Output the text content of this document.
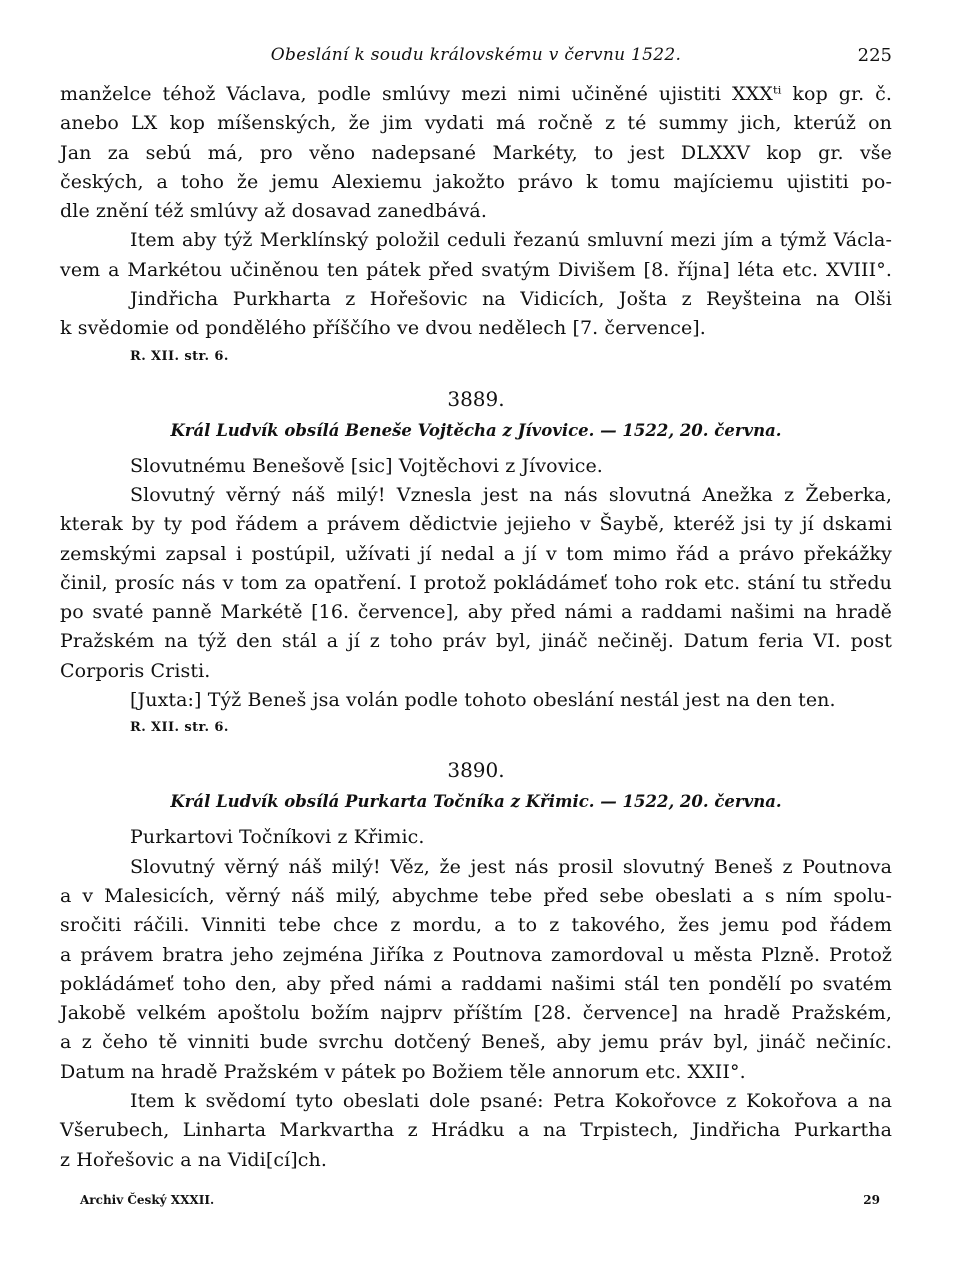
Obeslání k soudu královskému v červnu 1522.	225
manželce téhož Václava, podle smlúvy mezi nimi učiněné ujistiti XXXᵗⁱ kop gr. č.
anebo LX kop míšenských, že jim vydati má ročně z té summy jich, kterúž on
Jan za sebú má, pro věno nadepsané Markéty, to jest DLXXV kop gr. vše
českých, a toho že jemu Alexiemu jakožto právo k tomu majíciemu ujistiti po-
dle znění též smlúvy až dosavad zanedbává.
Item aby týž Merklínský položil ceduli řezanú smluvní mezi jím a týmž Václa-
vem a Markétou učiněnou ten pátek před svatým Divišem [8. října] léta etc. XVIII°.
Jindřicha Purkharta z Hořešovic na Vidicích, Jošta z Reyšteina na Olši
k svědomie od ponděléhо příščího ve dvou nedělech [7. července].
R. XII. str. 6.
3889.
Král Ludvík obsílá Beneše Vojtěcha z Jívovice. — 1522, 20. června.
Slovutnému Benešově [sic] Vojtěchovi z Jívovice.
Slovutný věrný náš milý! Vznesla jest na nás slovutná Anežka z Žeberka,
kterak by ty pod řádem a právem dědictvie jejieho v Šaybě, kteréž jsi ty jí dskami
zemskými zapsal i postúpil, užívati jí nedal a jí v tom mimo řád a právo překážky
činil, prosíc nás v tom za opatření. I protož pokládámeť toho rok etc. stání tu středu
po svaté panně Markétě [16. července], aby před námi a raddami našimi na hradě
Pražském na týž den stál a jí z toho práv byl, jináč nečiněj. Datum feria VI. post
Corporis Cristi.
[Juxta:] Týž Beneš jsa volán podle tohoto obeslání nestál jest na den ten.
R. XII. str. 6.
3890.
Král Ludvík obsílá Purkarta Točníka z Křimic. — 1522, 20. června.
Purkartovi Točníkovi z Křimic.
Slovutný věrný náš milý! Věz, že jest nás prosil slovutný Beneš z Poutnova
a v Malesicích, věrný náš milý, abychme tebe před sebe obeslati a s ním spolu-
sročiti ráčili. Vinniti tebe chce z mordu, a to z takového, žes jemu pod řádem
a právem bratra jeho zejména Jiříka z Poutnova zamordoval u města Plzně. Protož
pokládámeť toho den, aby před námi a raddami našimi stál ten pondělí po svatém
Jakobě velkém apoštolu božím najprv příštím [28. července] na hradě Pražském,
a z čeho tě vinniti bude svrchu dotčený Beneš, aby jemu práv byl, jináč nečiníc.
Datum na hradě Pražském v pátek po Božiem těle annorum etc. XXII°.
Item k svědomí tyto obeslati dole psané: Petra Kokořovce z Kokořova a na
Všerubech, Linharta Markvartha z Hrádku a na Trpistech, Jindřicha Purkartha
z Hořešovic a na Vidi[cí]ch.
Archiv Český XXXII.	29
